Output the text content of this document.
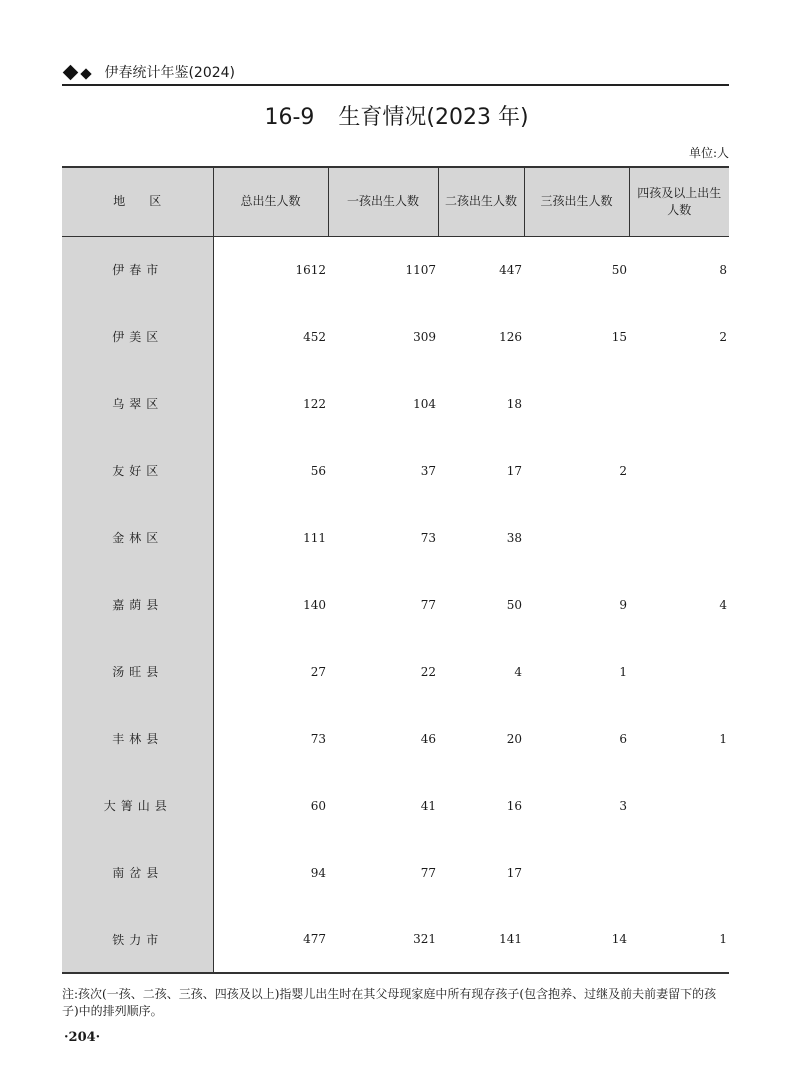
伊春统计年鉴(2024)
16-9 生育情况(2023 年)
单位:人
地　　区	总出生人数	一孩出生人数	二孩出生人数	三孩出生人数	四孩及以上出生人数
伊春市	1612	1107	447	50	8
伊美区	452	309	126	15	2
乌翠区	122	104	18		
友好区	56	37	17	2	
金林区	111	73	38		
嘉荫县	140	77	50	9	4
汤旺县	27	22	4	1	
丰林县	73	46	20	6	1
大箐山县	60	41	16	3	
南岔县	94	77	17		
铁力市	477	321	141	14	1
注:孩次(一孩、二孩、三孩、四孩及以上)指婴儿出生时在其父母现家庭中所有现存孩子(包含抱养、过继及前夫前妻留下的孩子)中的排列顺序。
·204·
